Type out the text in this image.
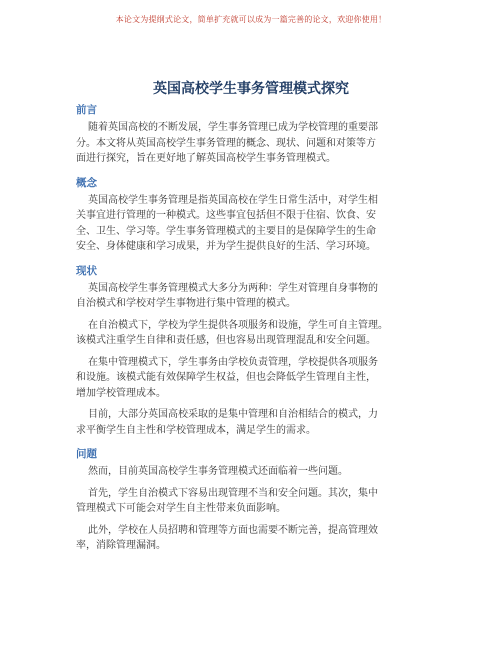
本论文为提纲式论文，简单扩充就可以成为一篇完善的论文，欢迎你使用！
英国高校学生事务管理模式探究
前言

随着英国高校的不断发展，学生事务管理已成为学校管理的重要部
分。本文将从英国高校学生事务管理的概念、现状、问题和对策等方
面进行探究，旨在更好地了解英国高校学生事务管理模式。

概念

英国高校学生事务管理是指英国高校在学生日常生活中，对学生相
关事宜进行管理的一种模式。这些事宜包括但不限于住宿、饮食、安
全、卫生、学习等。学生事务管理模式的主要目的是保障学生的生命
安全、身体健康和学习成果，并为学生提供良好的生活、学习环境。

现状

英国高校学生事务管理模式大多分为两种：学生对管理自身事物的
自治模式和学校对学生事物进行集中管理的模式。

在自治模式下，学校为学生提供各项服务和设施，学生可自主管理。
该模式注重学生自律和责任感，但也容易出现管理混乱和安全问题。

在集中管理模式下，学生事务由学校负责管理，学校提供各项服务
和设施。该模式能有效保障学生权益，但也会降低学生管理自主性，
增加学校管理成本。

目前，大部分英国高校采取的是集中管理和自治相结合的模式，力
求平衡学生自主性和学校管理成本，满足学生的需求。

问题

然而，目前英国高校学生事务管理模式还面临着一些问题。

首先，学生自治模式下容易出现管理不当和安全问题。其次，集中
管理模式下可能会对学生自主性带来负面影响。

此外，学校在人员招聘和管理等方面也需要不断完善，提高管理效
率，消除管理漏洞。
